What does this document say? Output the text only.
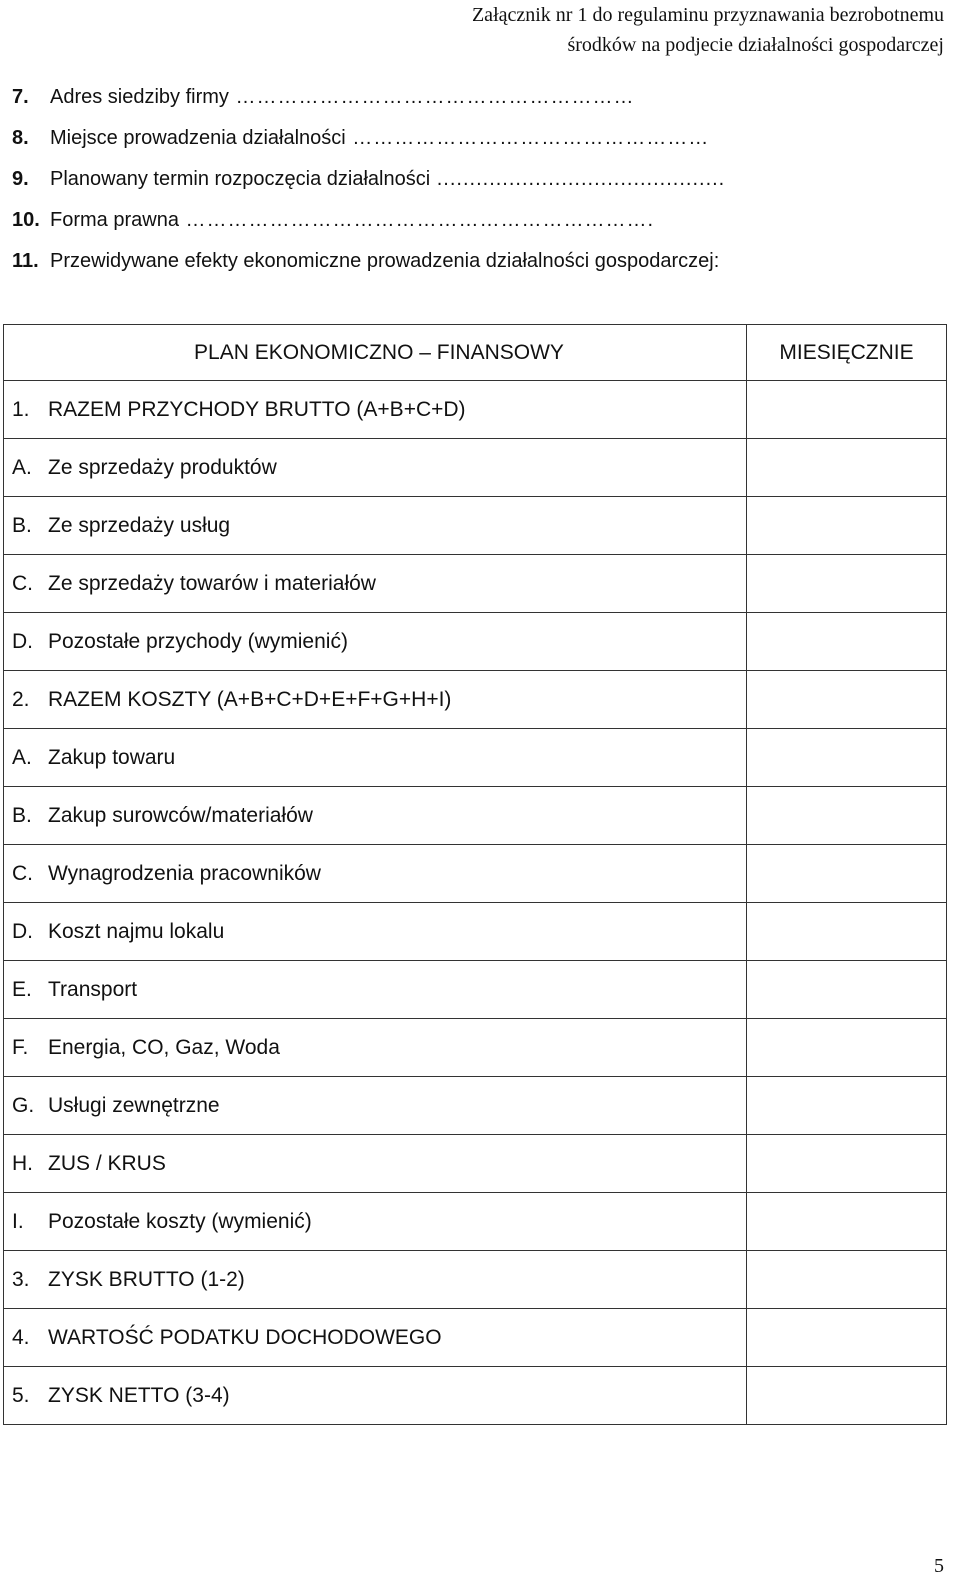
Załącznik nr 1 do regulaminu przyznawania bezrobotnemu
środków na podjecie działalności gospodarczej
7. Adres siedziby firmy …………………………………………………
8. Miejsce prowadzenia działalności ……………………………………………
9. Planowany termin rozpoczęcia działalności ............................................
10. Forma prawna ………………………………………………………….
11. Przewidywane efekty ekonomiczne prowadzenia działalności gospodarczej:
PLAN EKONOMICZNO – FINANSOWY	MIESIĘCZNIE
1. RAZEM PRZYCHODY BRUTTO (A+B+C+D)	
A. Ze sprzedaży produktów	
B. Ze sprzedaży usług	
C. Ze sprzedaży towarów i materiałów	
D. Pozostałe przychody (wymienić)	
2. RAZEM KOSZTY (A+B+C+D+E+F+G+H+I)	
A. Zakup towaru	
B. Zakup surowców/materiałów	
C. Wynagrodzenia pracowników	
D. Koszt najmu lokalu	
E. Transport	
F. Energia, CO, Gaz, Woda	
G. Usługi zewnętrzne	
H. ZUS / KRUS	
I. Pozostałe koszty (wymienić)	
3. ZYSK BRUTTO (1-2)	
4. WARTOŚĆ PODATKU DOCHODOWEGO	
5. ZYSK NETTO (3-4)	
5
